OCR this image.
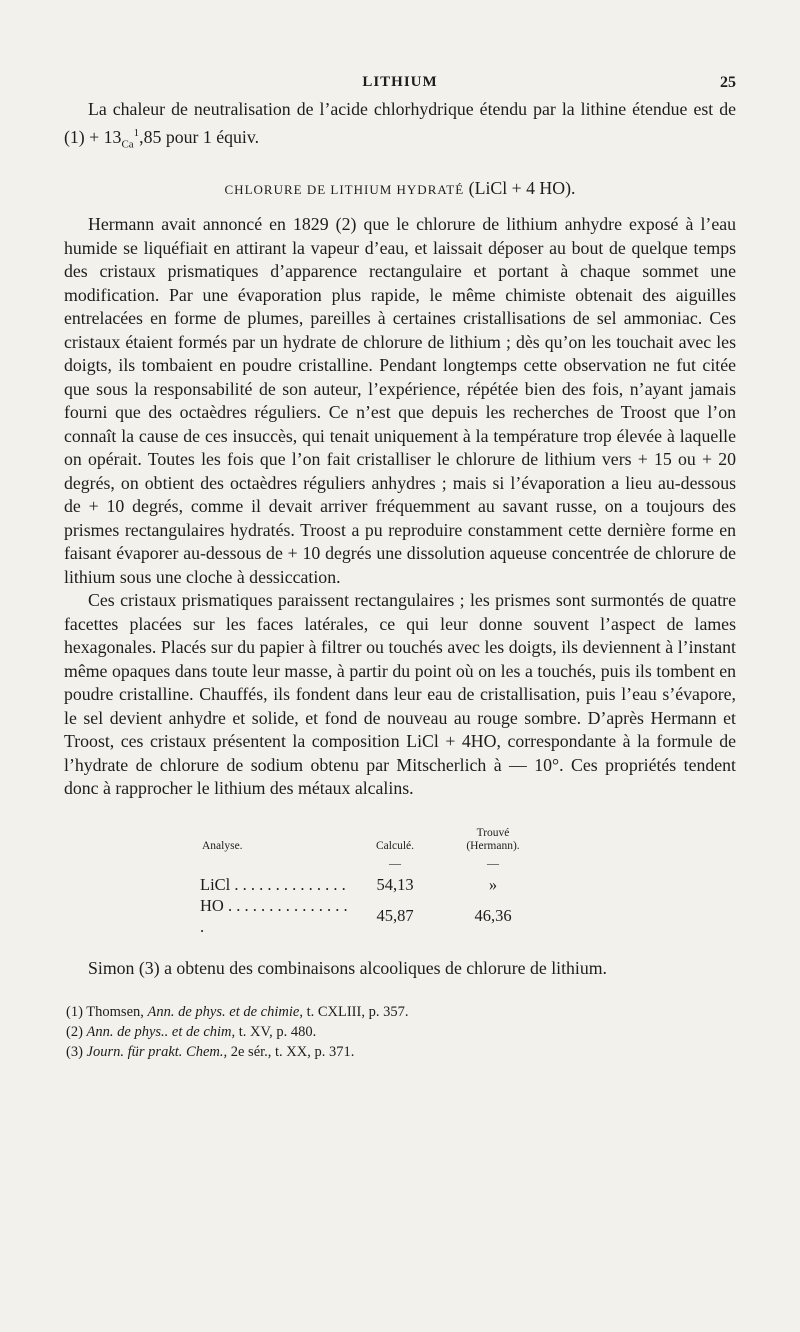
LITHIUM	25

La chaleur de neutralisation de l’acide chlorhydrique étendu par la lithine étendue est de $(1) + 13_{Ca}^1,85$ pour 1 équiv.

CHLORURE DE LITHIUM HYDRATÉ (LiCl + 4 HO).

Hermann avait annoncé en 1829 (2) que le chlorure de lithium anhydre exposé à l’eau humide se liquéfiait en attirant la vapeur d’eau, et laissait déposer au bout de quelque temps des cristaux prismatiques d’apparence rectangulaire et portant à chaque sommet une modification. Par une évaporation plus rapide, le même chimiste obtenait des aiguilles entrelacées en forme de plumes, pareilles à certaines cristallisations de sel ammoniac. Ces cristaux étaient formés par un hydrate de chlorure de lithium ; dès qu’on les touchait avec les doigts, ils tombaient en poudre cristalline. Pendant longtemps cette observation ne fut citée que sous la responsabilité de son auteur, l’expérience, répétée bien des fois, n’ayant jamais fourni que des octaèdres réguliers. Ce n’est que depuis les recherches de Troost que l’on connaît la cause de ces insuccès, qui tenait uniquement à la température trop élevée à laquelle on opérait. Toutes les fois que l’on fait cristalliser le chlorure de lithium vers + 15 ou + 20 degrés, on obtient des octaèdres réguliers anhydres ; mais si l’évaporation a lieu au-dessous de + 10 degrés, comme il devait arriver fréquemment au savant russe, on a toujours des prismes rectangulaires hydratés. Troost a pu reproduire constamment cette dernière forme en faisant évaporer au-dessous de + 10 degrés une dissolution aqueuse concentrée de chlorure de lithium sous une cloche à dessiccation.

Ces cristaux prismatiques paraissent rectangulaires ; les prismes sont surmontés de quatre facettes placées sur les faces latérales, ce qui leur donne souvent l’aspect de lames hexagonales. Placés sur du papier à filtrer ou touchés avec les doigts, ils deviennent à l’instant même opaques dans toute leur masse, à partir du point où on les a touchés, puis ils tombent en poudre cristalline. Chauffés, ils fondent dans leur eau de cristallisation, puis l’eau s’évapore, le sel devient anhydre et solide, et fond de nouveau au rouge sombre. D’après Hermann et Troost, ces cristaux présentent la composition LiCl + 4HO, correspondante à la formule de l’hydrate de chlorure de sodium obtenu par Mitscherlich à — 10°. Ces propriétés tendent donc à rapprocher le lithium des métaux alcalins.

Analyse.	Calculé.	Trouvé
(Hermann).

	—	—
LiCl . . . . . . . . . . . . . .	54,13	»
HO . . . . . . . . . . . . . . . .	45,87	46,36

Simon (3) a obtenu des combinaisons alcooliques de chlorure de lithium.

(1) Thomsen, Ann. de phys. et de chimie, t. CXLIII, p. 357.
(2) Ann. de phys.. et de chim, t. XV, p. 480.
(3) Journ. für prakt. Chem., 2e sér., t. XX, p. 371.
